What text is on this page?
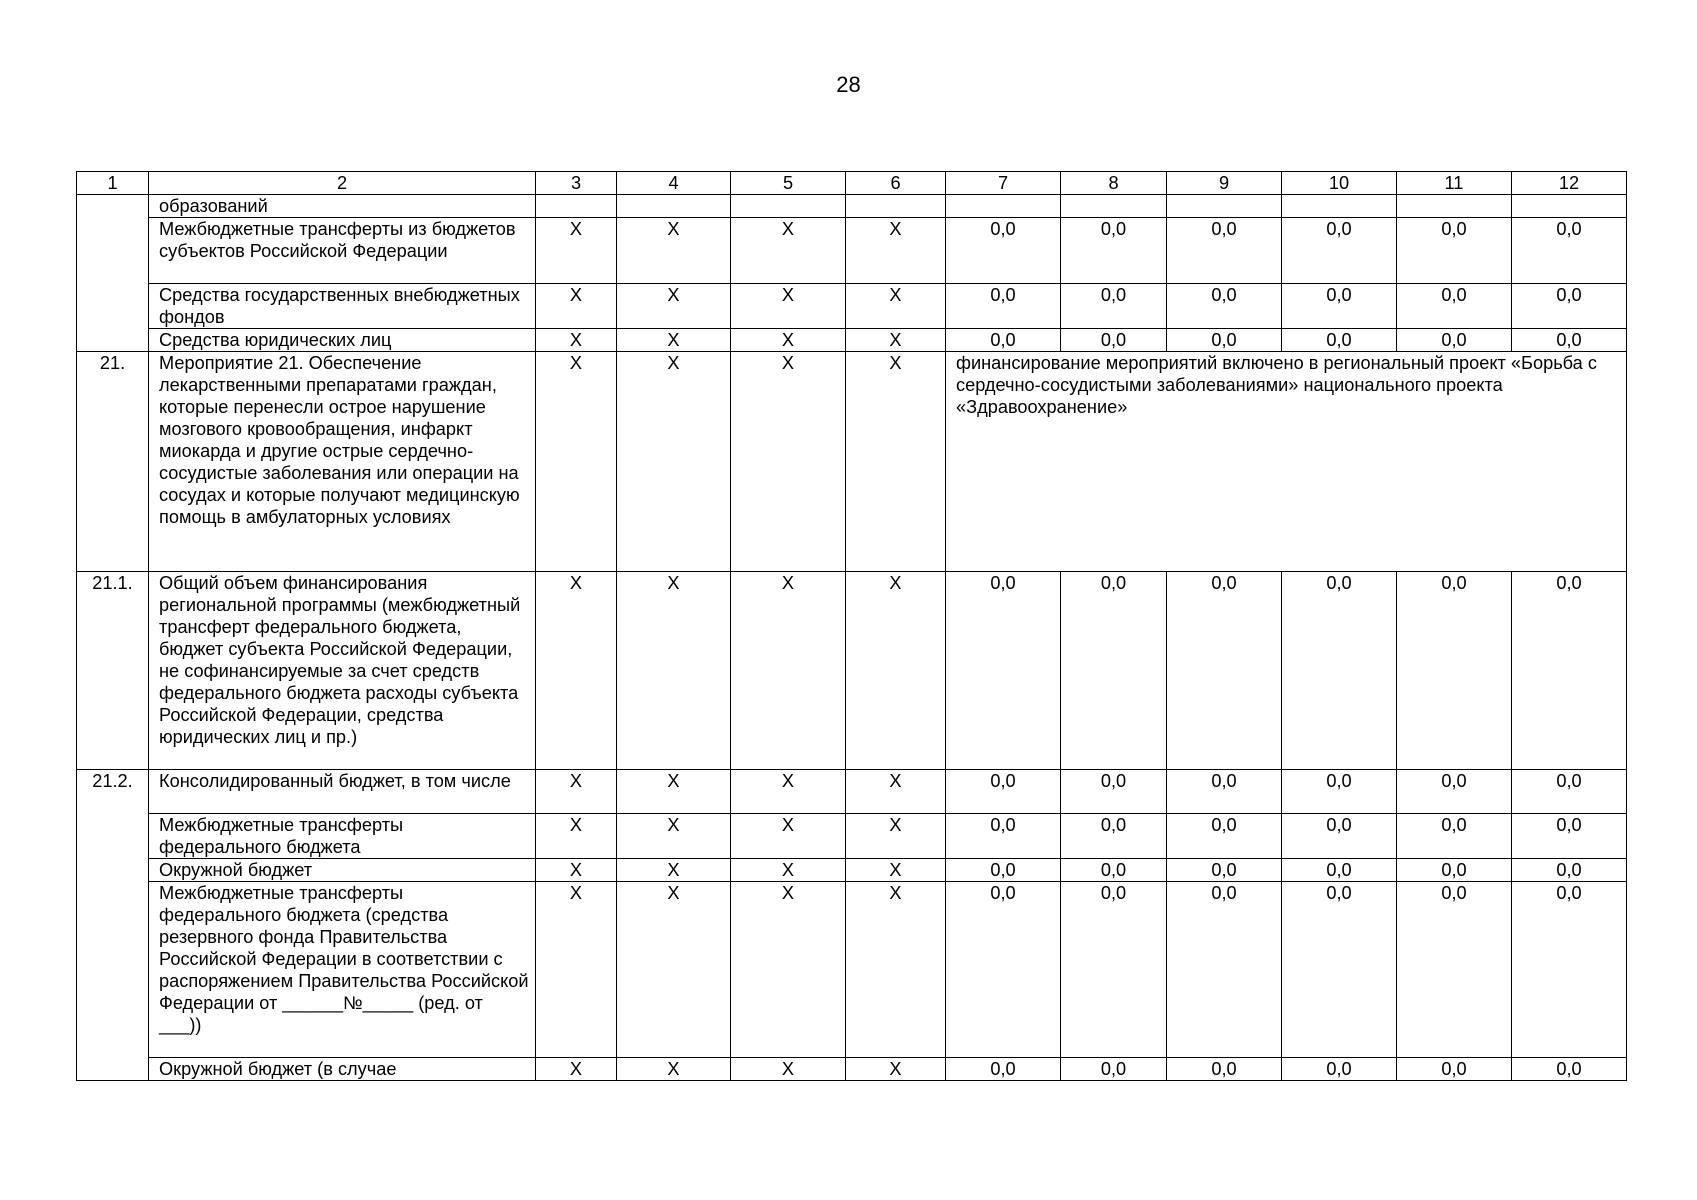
28
1	2	3	4	5	6	7	8	9	10	11	12
	образований										
	Межбюджетные трансферты из бюджетов субъектов Российской Федерации	Х	Х	Х	Х	0,0	0,0	0,0	0,0	0,0	0,0
	Средства государственных внебюджетных фондов	Х	Х	Х	Х	0,0	0,0	0,0	0,0	0,0	0,0
	Средства юридических лиц	Х	Х	Х	Х	0,0	0,0	0,0	0,0	0,0	0,0
21.	Мероприятие 21. Обеспечение лекарственными препаратами граждан, которые перенесли острое нарушение мозгового кровообращения, инфаркт миокарда и другие острые сердечно-сосудистые заболевания или операции на сосудах и которые получают медицинскую помощь в амбулаторных условиях	Х	Х	Х	Х	финансирование мероприятий включено в региональный проект «Борьба с сердечно-сосудистыми заболеваниями» национального проекта «Здравоохранение»					
21.1.	Общий объем финансирования региональной программы (межбюджетный трансферт федерального бюджета, бюджет субъекта Российской Федерации, не софинансируемые за счет средств федерального бюджета расходы субъекта Российской Федерации, средства юридических лиц и пр.)	Х	Х	Х	Х	0,0	0,0	0,0	0,0	0,0	0,0
21.2.	Консолидированный бюджет, в том числе	Х	Х	Х	Х	0,0	0,0	0,0	0,0	0,0	0,0
	Межбюджетные трансферты федерального бюджета	Х	Х	Х	Х	0,0	0,0	0,0	0,0	0,0	0,0
	Окружной бюджет	Х	Х	Х	Х	0,0	0,0	0,0	0,0	0,0	0,0
	Межбюджетные трансферты федерального бюджета (средства резервного фонда Правительства Российской Федерации в соответствии с распоряжением Правительства Российской Федерации от ______№_____ (ред. от ___))	Х	Х	Х	Х	0,0	0,0	0,0	0,0	0,0	0,0
	Окружной бюджет (в случае	Х	Х	Х	Х	0,0	0,0	0,0	0,0	0,0	0,0
